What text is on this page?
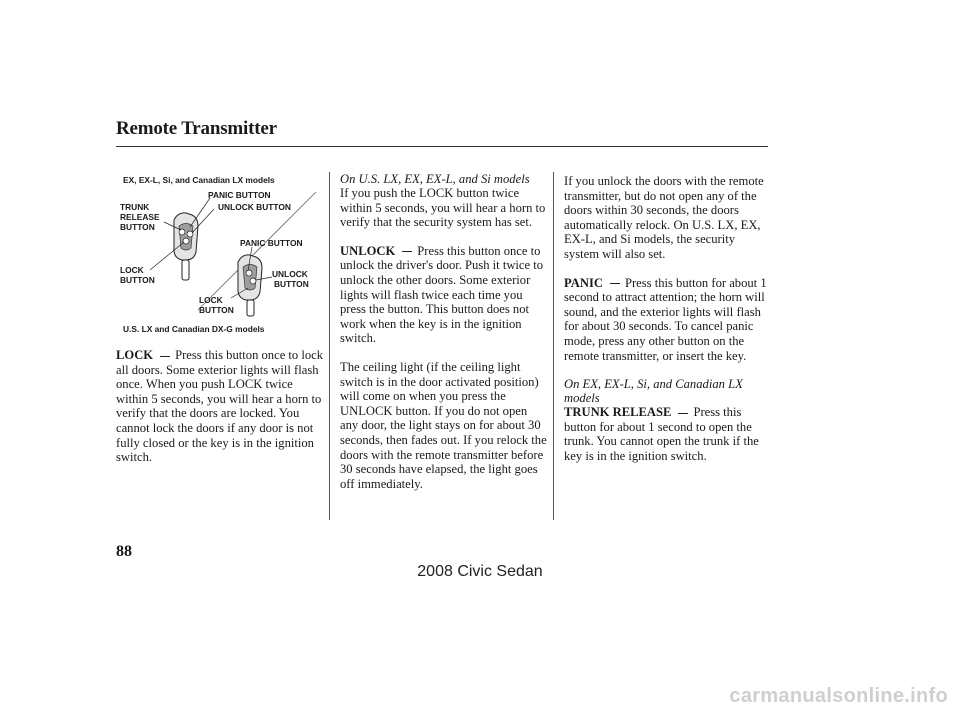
Remote Transmitter
EX, EX-L, Si, and Canadian LX models
PANIC BUTTON
UNLOCK BUTTON
TRUNK
RELEASE
BUTTON
PANIC BUTTON
LOCK
BUTTON
UNLOCK
BUTTON
LOCK
BUTTON
U.S. LX and Canadian DX-G models

LOCK Press this button once to lock all doors. Some exterior lights will flash once. When you push LOCK twice within 5 seconds, you will hear a horn to verify that the doors are locked. You cannot lock the doors if any door is not fully closed or the key is in the ignition switch.

On U.S. LX, EX, EX-L, and Si models

If you push the LOCK button twice within 5 seconds, you will hear a horn to verify that the security system has set.

UNLOCK Press this button once to unlock the driver's door. Push it twice to unlock the other doors. Some exterior lights will flash twice each time you press the button. This button does not work when the key is in the ignition switch.

The ceiling light (if the ceiling light switch is in the door activated position) will come on when you press the UNLOCK button. If you do not open any door, the light stays on for about 30 seconds, then fades out. If you relock the doors with the remote transmitter before 30 seconds have elapsed, the light goes off immediately.

If you unlock the doors with the remote transmitter, but do not open any of the doors within 30 seconds, the doors automatically relock. On U.S. LX, EX, EX-L, and Si models, the security system will also set.

PANIC Press this button for about 1 second to attract attention; the horn will sound, and the exterior lights will flash for about 30 seconds. To cancel panic mode, press any other button on the remote transmitter, or insert the key.

On EX, EX-L, Si, and Canadian LX models

TRUNK RELEASE Press this button for about 1 second to open the trunk. You cannot open the trunk if the key is in the ignition switch.

88
2008 Civic Sedan
carmanualsonline.info
